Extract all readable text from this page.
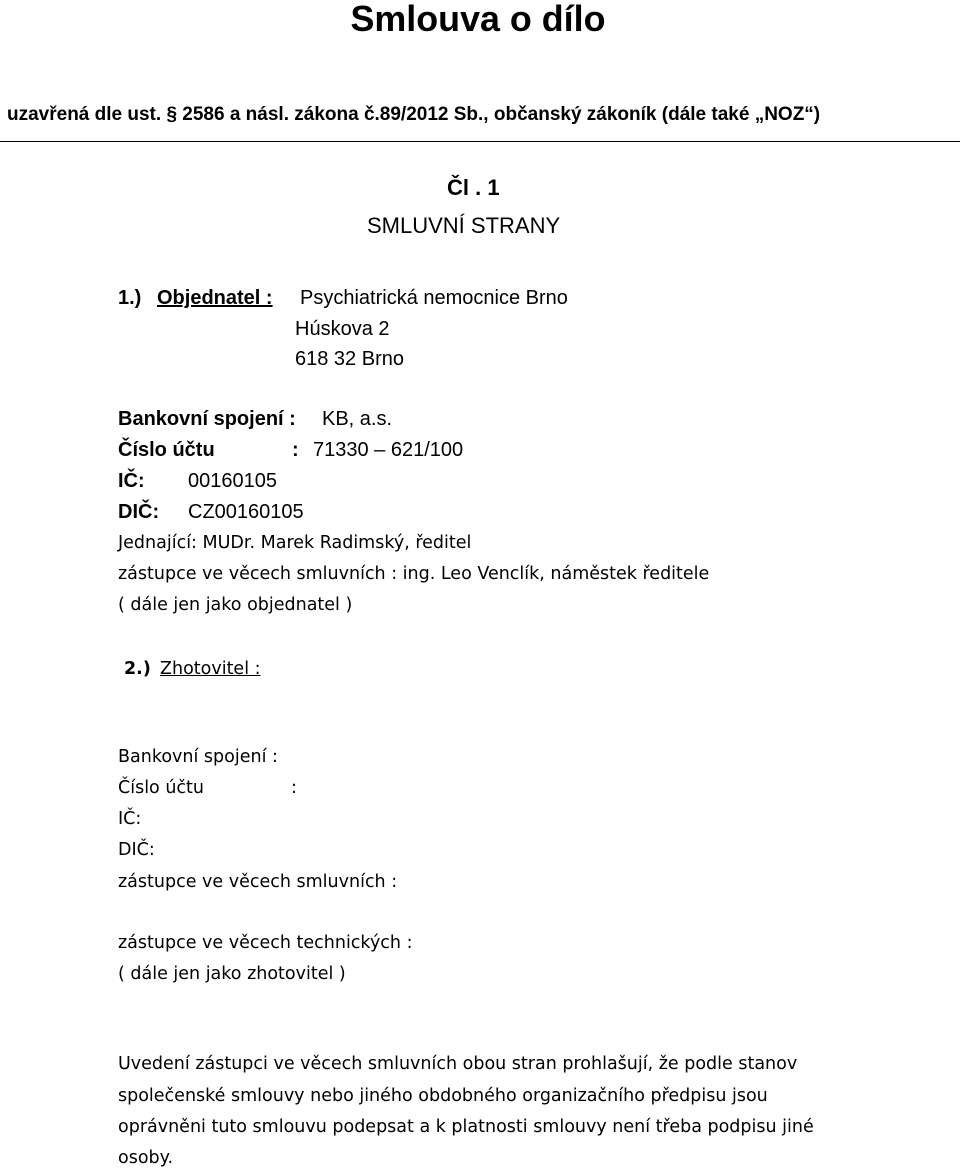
Smlouva o dílo
uzavřená dle ust. § 2586 a násl. zákona č.89/2012 Sb., občanský zákoník (dále také „NOZ“)
Čl . 1
SMLUVNÍ STRANY
1.) Objednatel : Psychiatrická nemocnice Brno
Húskova 2
618 32 Brno
Bankovní spojení : KB, a.s.
Číslo účtu	: 71330 – 621/100
IČ: 00160105
DIČ: CZ00160105
Jednající: MUDr. Marek Radimský, ředitel
zástupce ve věcech smluvních : ing. Leo Venclík, náměstek ředitele
( dále jen jako objednatel )
2.) Zhotovitel :
Bankovní spojení :
Číslo účtu	:
IČ:
DIČ:
zástupce ve věcech smluvních :
zástupce ve věcech technických :
( dále jen jako zhotovitel )
Uvedení zástupci ve věcech smluvních obou stran prohlašují, že podle stanov
společenské smlouvy nebo jiného obdobného organizačního předpisu jsou
oprávněni tuto smlouvu podepsat a k platnosti smlouvy není třeba podpisu jiné
osoby.
